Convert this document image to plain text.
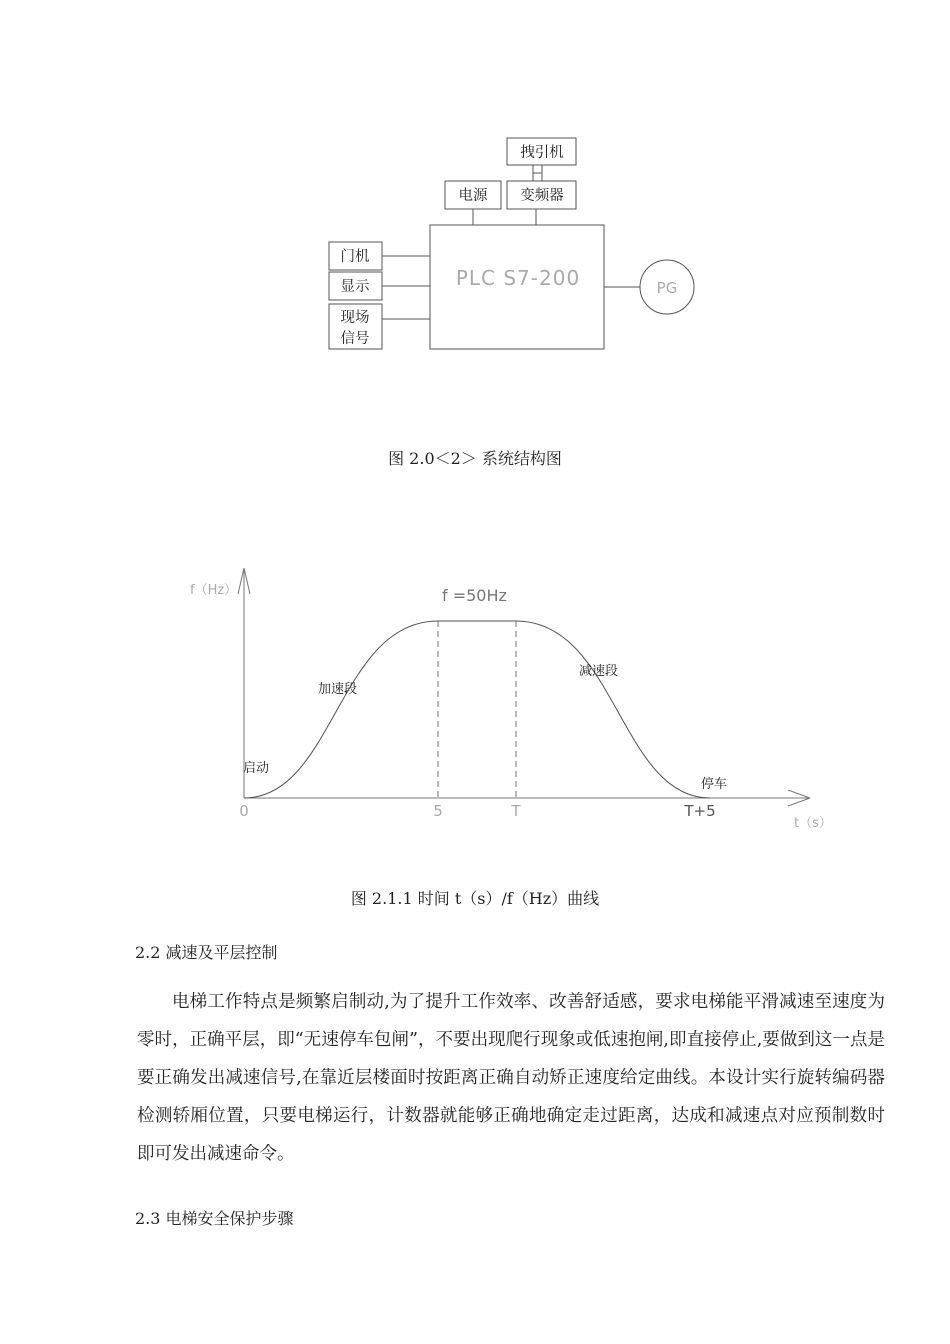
拽引机
电源 变频器
门机
显示
现场
信号
PLC S7-200	PG
图 2.0＜2＞ 系统结构图
f（Hz）
t（s）
f =50Hz
0	5	T	T+5
启动
加速段
减速段
停车
图 2.1.1 时间 t（s）/f（Hz）曲线
2.2 减速及平层控制
电梯工作特点是频繁启制动,为了提升工作效率、改善舒适感，要求电梯能平滑减速至速度为零时，正确平层，即“无速停车包闸”，不要出现爬行现象或低速抱闸,即直接停止,要做到这一点是要正确发出减速信号,在靠近层楼面时按距离正确自动矫正速度给定曲线。本设计实行旋转编码器检测轿厢位置，只要电梯运行，计数器就能够正确地确定走过距离，达成和减速点对应预制数时即可发出减速命令。
2.3 电梯安全保护步骤
